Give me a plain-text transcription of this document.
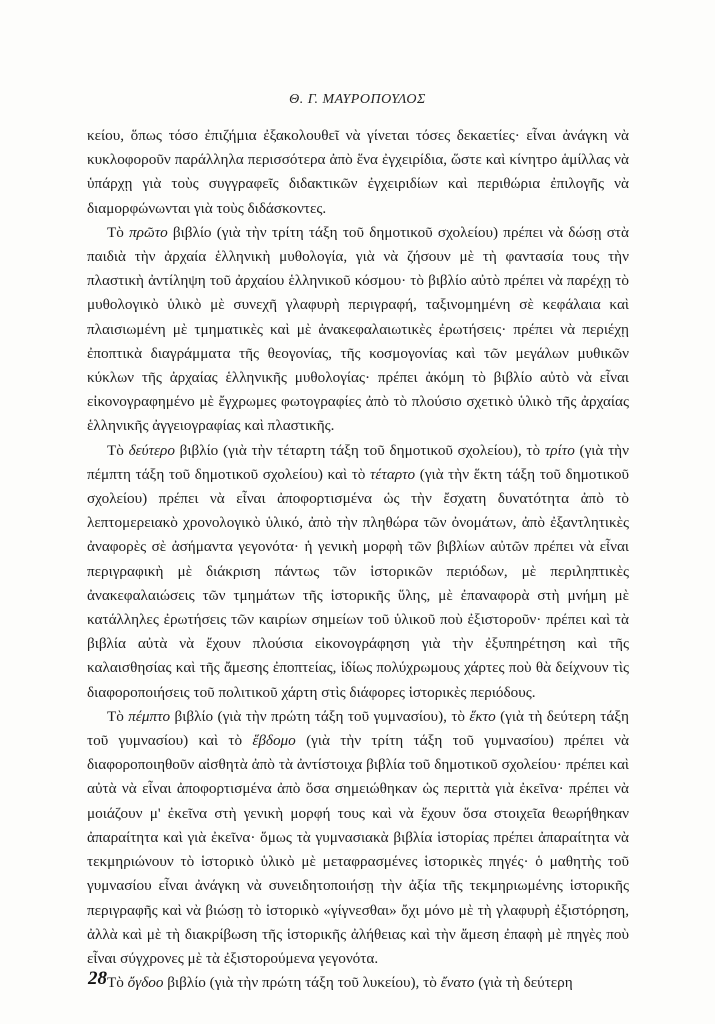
Θ. Γ. ΜΑΥΡΟΠΟΥΛΟΣ

κείου, ὅπως τόσο ἐπιζήμια ἐξακολουθεῖ νὰ γίνεται τόσες δεκαετίες· εἶναι ἀνάγκη νὰ κυκλοφοροῦν παράλληλα περισσότερα ἀπὸ ἕνα ἐγχειρίδια, ὥστε καὶ κίνητρο ἁμίλλας νὰ ὑπάρχῃ γιὰ τοὺς συγγραφεῖς διδακτικῶν ἐγχειριδίων καὶ περιθώρια ἐπιλογῆς νὰ διαμορφώνωνται γιὰ τοὺς διδάσκοντες.

Τὸ πρῶτο βιβλίο (γιὰ τὴν τρίτη τάξη τοῦ δημοτικοῦ σχολείου) πρέπει νὰ δώσῃ στὰ παιδιὰ τὴν ἀρχαία ἑλληνικὴ μυθολογία, γιὰ νὰ ζήσουν μὲ τὴ φαντασία τους τὴν πλαστικὴ ἀντίληψη τοῦ ἀρχαίου ἑλληνικοῦ κόσμου· τὸ βιβλίο αὐτὸ πρέπει νὰ παρέχῃ τὸ μυθολογικὸ ὑλικὸ μὲ συνεχῆ γλαφυρὴ περιγραφή, ταξινομημένη σὲ κεφάλαια καὶ πλαισιωμένη μὲ τμηματικὲς καὶ μὲ ἀνακεφαλαιωτικὲς ἐρωτήσεις· πρέπει νὰ περιέχῃ ἐποπτικὰ διαγράμματα τῆς θεογονίας, τῆς κοσμογονίας καὶ τῶν μεγάλων μυθικῶν κύκλων τῆς ἀρχαίας ἑλληνικῆς μυθολογίας· πρέπει ἀκόμη τὸ βιβλίο αὐτὸ νὰ εἶναι εἰκονογραφημένο μὲ ἔγχρωμες φωτογραφίες ἀπὸ τὸ πλούσιο σχετικὸ ὑλικὸ τῆς ἀρχαίας ἑλληνικῆς ἀγγειογραφίας καὶ πλαστικῆς.

Τὸ δεύτερο βιβλίο (γιὰ τὴν τέταρτη τάξη τοῦ δημοτικοῦ σχολείου), τὸ τρίτο (γιὰ τὴν πέμπτη τάξη τοῦ δημοτικοῦ σχολείου) καὶ τὸ τέταρτο (γιὰ τὴν ἕκτη τάξη τοῦ δημοτικοῦ σχολείου) πρέπει νὰ εἶναι ἀποφορτισμένα ὡς τὴν ἔσχατη δυνατότητα ἀπὸ τὸ λεπτομερειακὸ χρονολογικὸ ὑλικό, ἀπὸ τὴν πληθώρα τῶν ὀνομάτων, ἀπὸ ἐξαντλητικὲς ἀναφορὲς σὲ ἀσήμαντα γεγονότα· ἡ γενικὴ μορφὴ τῶν βιβλίων αὐτῶν πρέπει νὰ εἶναι περιγραφικὴ μὲ διάκριση πάντως τῶν ἱστορικῶν περιόδων, μὲ περιληπτικὲς ἀνακεφαλαιώσεις τῶν τμημάτων τῆς ἱστορικῆς ὕλης, μὲ ἐπαναφορὰ στὴ μνήμη μὲ κατάλληλες ἐρωτήσεις τῶν καιρίων σημείων τοῦ ὑλικοῦ ποὺ ἐξιστοροῦν· πρέπει καὶ τὰ βιβλία αὐτὰ νὰ ἔχουν πλούσια εἰκονογράφηση γιὰ τὴν ἐξυπηρέτηση καὶ τῆς καλαισθησίας καὶ τῆς ἄμεσης ἐποπτείας, ἰδίως πολύχρωμους χάρτες ποὺ θὰ δείχνουν τὶς διαφοροποιήσεις τοῦ πολιτικοῦ χάρτη στὶς διάφορες ἱστορικὲς περιόδους.

Τὸ πέμπτο βιβλίο (γιὰ τὴν πρώτη τάξη τοῦ γυμνασίου), τὸ ἕκτο (γιὰ τὴ δεύτερη τάξη τοῦ γυμνασίου) καὶ τὸ ἕβδομο (γιὰ τὴν τρίτη τάξη τοῦ γυμνασίου) πρέπει νὰ διαφοροποιηθοῦν αἰσθητὰ ἀπὸ τὰ ἀντίστοιχα βιβλία τοῦ δημοτικοῦ σχολείου· πρέπει καὶ αὐτὰ νὰ εἶναι ἀποφορτισμένα ἀπὸ ὅσα σημειώθηκαν ὡς περιττὰ γιὰ ἐκεῖνα· πρέπει νὰ μοιάζουν μ' ἐκεῖνα στὴ γενικὴ μορφή τους καὶ νὰ ἔχουν ὅσα στοιχεῖα θεωρήθηκαν ἀπαραίτητα καὶ γιὰ ἐκεῖνα· ὅμως τὰ γυμνασιακὰ βιβλία ἱστορίας πρέπει ἀπαραίτητα νὰ τεκμηριώνουν τὸ ἱστορικὸ ὑλικὸ μὲ μεταφρασμένες ἱστορικὲς πηγές· ὁ μαθητὴς τοῦ γυμνασίου εἶναι ἀνάγκη νὰ συνειδητοποιήσῃ τὴν ἀξία τῆς τεκμηριωμένης ἱστορικῆς περιγραφῆς καὶ νὰ βιώσῃ τὸ ἱστορικὸ «γίγνεσθαι» ὄχι μόνο μὲ τὴ γλαφυρὴ ἐξιστόρηση, ἀλλὰ καὶ μὲ τὴ διακρίβωση τῆς ἱστορικῆς ἀλήθειας καὶ τὴν ἄμεση ἐπαφὴ μὲ πηγὲς ποὺ εἶναι σύγχρονες μὲ τὰ ἐξιστορούμενα γεγονότα.

Τὸ ὄγδοο βιβλίο (γιὰ τὴν πρώτη τάξη τοῦ λυκείου), τὸ ἔνατο (γιὰ τὴ δεύτερη

28
